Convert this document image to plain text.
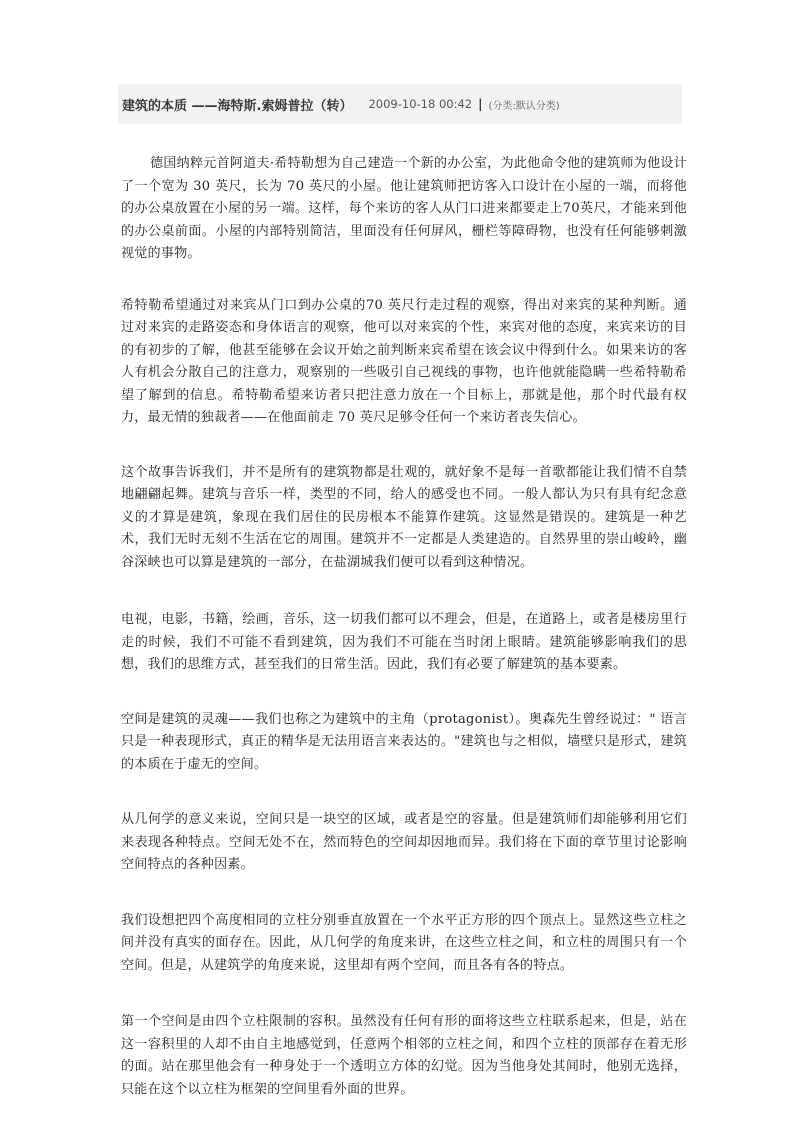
建筑的本质 ——海特斯.索姆普拉（转） 2009-10-18 00:42 | (分类:默认分类)

德国纳粹元首阿道夫·希特勒想为自己建造一个新的办公室，为此他命令他的建筑师为他设计了一个宽为 30 英尺，长为 70 英尺的小屋。他让建筑师把访客入口设计在小屋的一端，而将他的办公桌放置在小屋的另一端。这样，每个来访的客人从门口进来都要走上70英尺，才能来到他的办公桌前面。小屋的内部特别简洁，里面没有任何屏风，栅栏等障碍物，也没有任何能够刺激视觉的事物。

希特勒希望通过对来宾从门口到办公桌的70 英尺行走过程的观察，得出对来宾的某种判断。通过对来宾的走路姿态和身体语言的观察，他可以对来宾的个性，来宾对他的态度，来宾来访的目的有初步的了解，他甚至能够在会议开始之前判断来宾希望在该会议中得到什么。如果来访的客人有机会分散自己的注意力，观察别的一些吸引自己视线的事物，也许他就能隐瞒一些希特勒希望了解到的信息。希特勒希望来访者只把注意力放在一个目标上，那就是他，那个时代最有权力，最无情的独裁者——在他面前走 70 英尺足够令任何一个来访者丧失信心。

这个故事告诉我们，并不是所有的建筑物都是壮观的，就好象不是每一首歌都能让我们情不自禁地翩翩起舞。建筑与音乐一样，类型的不同，给人的感受也不同。一般人都认为只有具有纪念意义的才算是建筑，象现在我们居住的民房根本不能算作建筑。这显然是错误的。建筑是一种艺术，我们无时无刻不生活在它的周围。建筑并不一定都是人类建造的。自然界里的崇山峻岭，幽谷深峡也可以算是建筑的一部分，在盐湖城我们便可以看到这种情况。

电视，电影，书籍，绘画，音乐，这一切我们都可以不理会，但是，在道路上，或者是楼房里行走的时候，我们不可能不看到建筑，因为我们不可能在当时闭上眼睛。建筑能够影响我们的思想，我们的思维方式，甚至我们的日常生活。因此，我们有必要了解建筑的基本要素。

空间是建筑的灵魂——我们也称之为建筑中的主角（protagonist）。奥森先生曾经说过：" 语言只是一种表现形式，真正的精华是无法用语言来表达的。"建筑也与之相似，墙壁只是形式，建筑的本质在于虚无的空间。

从几何学的意义来说，空间只是一块空的区域，或者是空的容量。但是建筑师们却能够利用它们来表现各种特点。空间无处不在，然而特色的空间却因地而异。我们将在下面的章节里讨论影响空间特点的各种因素。

我们设想把四个高度相同的立柱分别垂直放置在一个水平正方形的四个顶点上。显然这些立柱之间并没有真实的面存在。因此，从几何学的角度来讲，在这些立柱之间，和立柱的周围只有一个空间。但是，从建筑学的角度来说，这里却有两个空间，而且各有各的特点。

第一个空间是由四个立柱限制的容积。虽然没有任何有形的面将这些立柱联系起来，但是，站在这一容积里的人却不由自主地感觉到，任意两个相邻的立柱之间，和四个立柱的顶部存在着无形的面。站在那里他会有一种身处于一个透明立方体的幻觉。因为当他身处其间时，他别无选择，只能在这个以立柱为框架的空间里看外面的世界。
